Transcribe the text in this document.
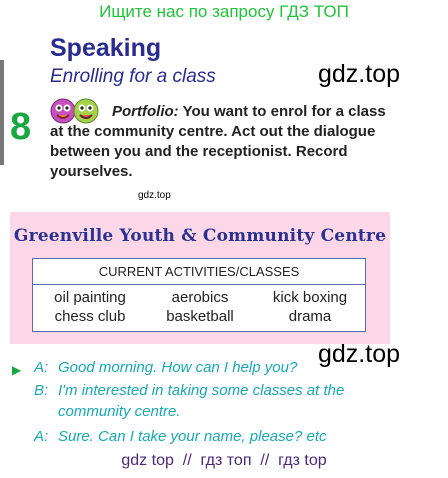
Ищите нас по запросу ГДЗ ТОП
Speaking
Enrolling for a class	gdz.top
8	Portfolio: You want to enrol for a class at the community centre. Act out the dialogue between you and the receptionist. Record yourselves.
gdz.top
Greenville Youth & Community Centre
CURRENT ACTIVITIES/CLASSES
oil painting	aerobics	kick boxing
chess club	basketball	drama
gdz.top
▶ A: Good morning. How can I help you?
B: I'm interested in taking some classes at the
community centre.
A: Sure. Can I take your name, please? etc
gdz top  //  гдз топ  //  гдз top
